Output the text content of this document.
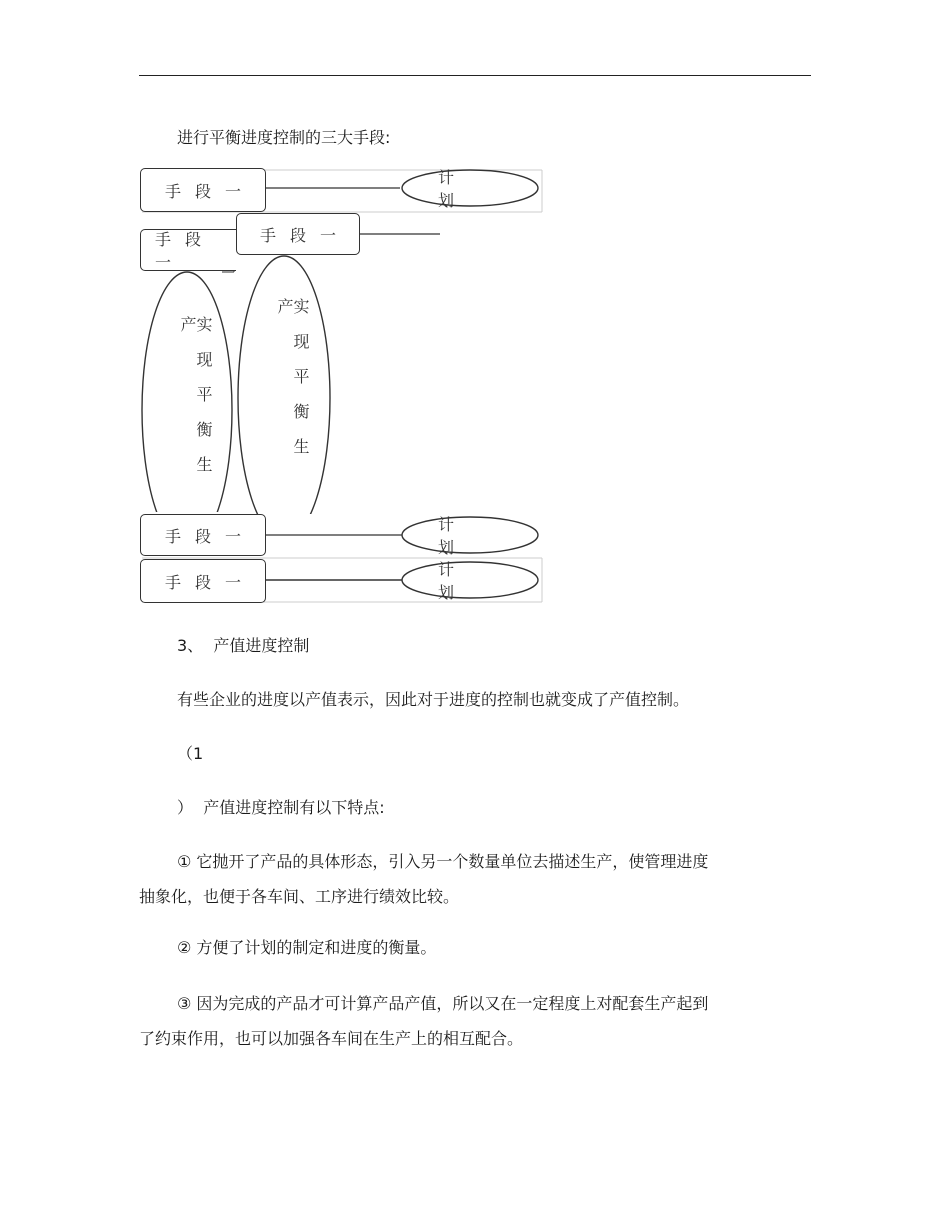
进行平衡进度控制的三大手段:
手段一
手段一
手段一
手段一
手段一
计划
计划
计划
实现平衡生产	实现平衡生产
3、 产值进度控制
有些企业的进度以产值表示，因此对于进度的控制也就变成了产值控制。
（1
） 产值进度控制有以下特点:
① 它抛开了产品的具体形态，引入另一个数量单位去描述生产，使管理进度
抽象化，也便于各车间、工序进行绩效比较。
② 方便了计划的制定和进度的衡量。
③ 因为完成的产品才可计算产品产值，所以又在一定程度上对配套生产起到
了约束作用，也可以加强各车间在生产上的相互配合。
